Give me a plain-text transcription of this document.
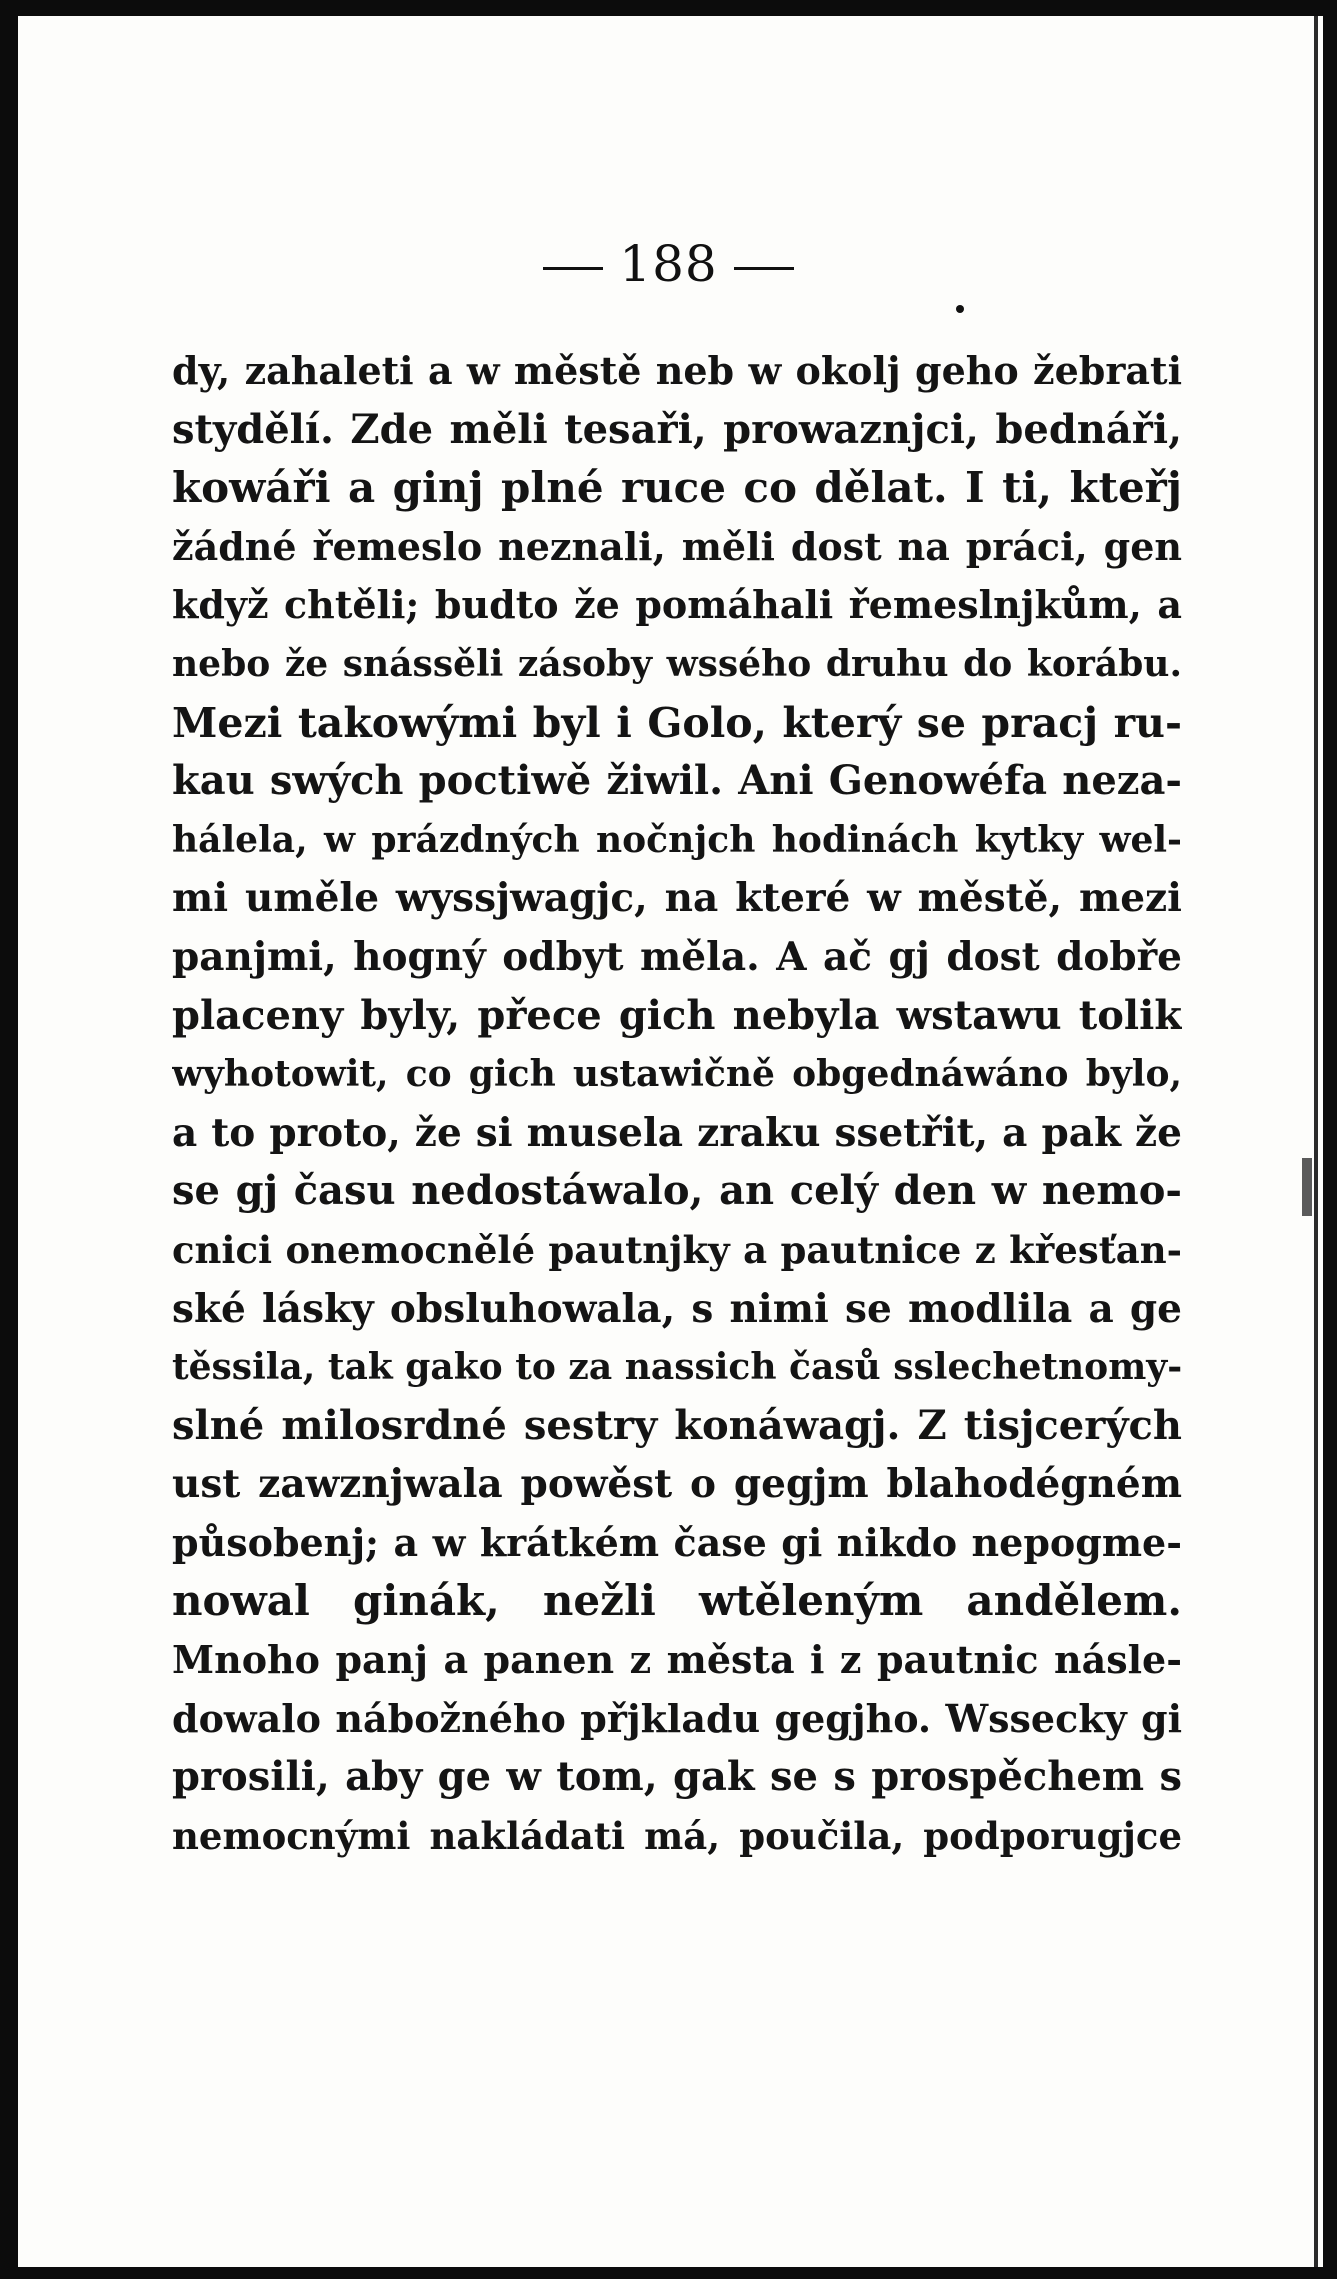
188
dy, zahaleti a w městě neb w okolj geho žebrati
stydělí. Zde měli tesaři, prowaznjci, bednáři,
kowáři a ginj plné ruce co dělat. I ti, kteřj
žádné řemeslo neznali, měli dost na práci, gen
když chtěli; budto že pomáhali řemeslnjkům, a
nebo že snássěli zásoby wssého druhu do korábu.
Mezi takowými byl i Golo, který se pracj ru-
kau swých poctiwě žiwil. Ani Genowéfa neza-
hálela, w prázdných nočnjch hodinách kytky wel-
mi uměle wyssjwagjc, na které w městě, mezi
panjmi, hogný odbyt měla. A ač gj dost dobře
placeny byly, přece gich nebyla wstawu tolik
wyhotowit, co gich ustawičně obgednáwáno bylo,
a to proto, že si musela zraku ssetřit, a pak že
se gj času nedostáwalo, an celý den w nemo-
cnici onemocnělé pautnjky a pautnice z křesťan-
ské lásky obsluhowala, s nimi se modlila a ge
těssila, tak gako to za nassich časů sslechetnomy-
slné milosrdné sestry konáwagj. Z tisjcerých
ust zawznjwala powěst o gegjm blahodégném
působenj; a w krátkém čase gi nikdo nepogme-
nowal ginák, nežli wtěleným andělem.
Mnoho panj a panen z města i z pautnic násle-
dowalo nábožného přjkladu gegjho. Wssecky gi
prosili, aby ge w tom, gak se s prospěchem s
nemocnými nakládati má, poučila, podporugjce
